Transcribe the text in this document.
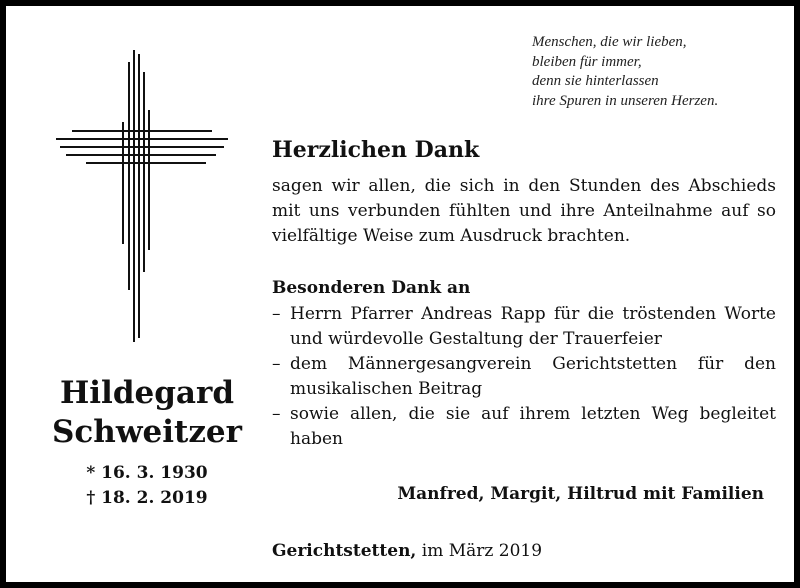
Menschen, die wir lieben,
bleiben für immer,
denn sie hinterlassen
ihre Spuren in unseren Herzen.
Hildegard
Schweitzer
* 16. 3. 1930
† 18. 2. 2019
Herzlichen Dank
sagen wir allen, die sich in den Stunden des Abschieds mit uns verbunden fühlten und ihre Anteilnahme auf so vielfältige Weise zum Ausdruck brachten.
Besonderen Dank an
– Herrn Pfarrer Andreas Rapp für die tröstenden Worte und würdevolle Gestaltung der Trauerfeier
– dem Männergesangverein Gerichtstetten für den musikalischen Beitrag
– sowie allen, die sie auf ihrem letzten Weg begleitet haben
Manfred, Margit, Hiltrud mit Familien
Gerichtstetten, im März 2019
